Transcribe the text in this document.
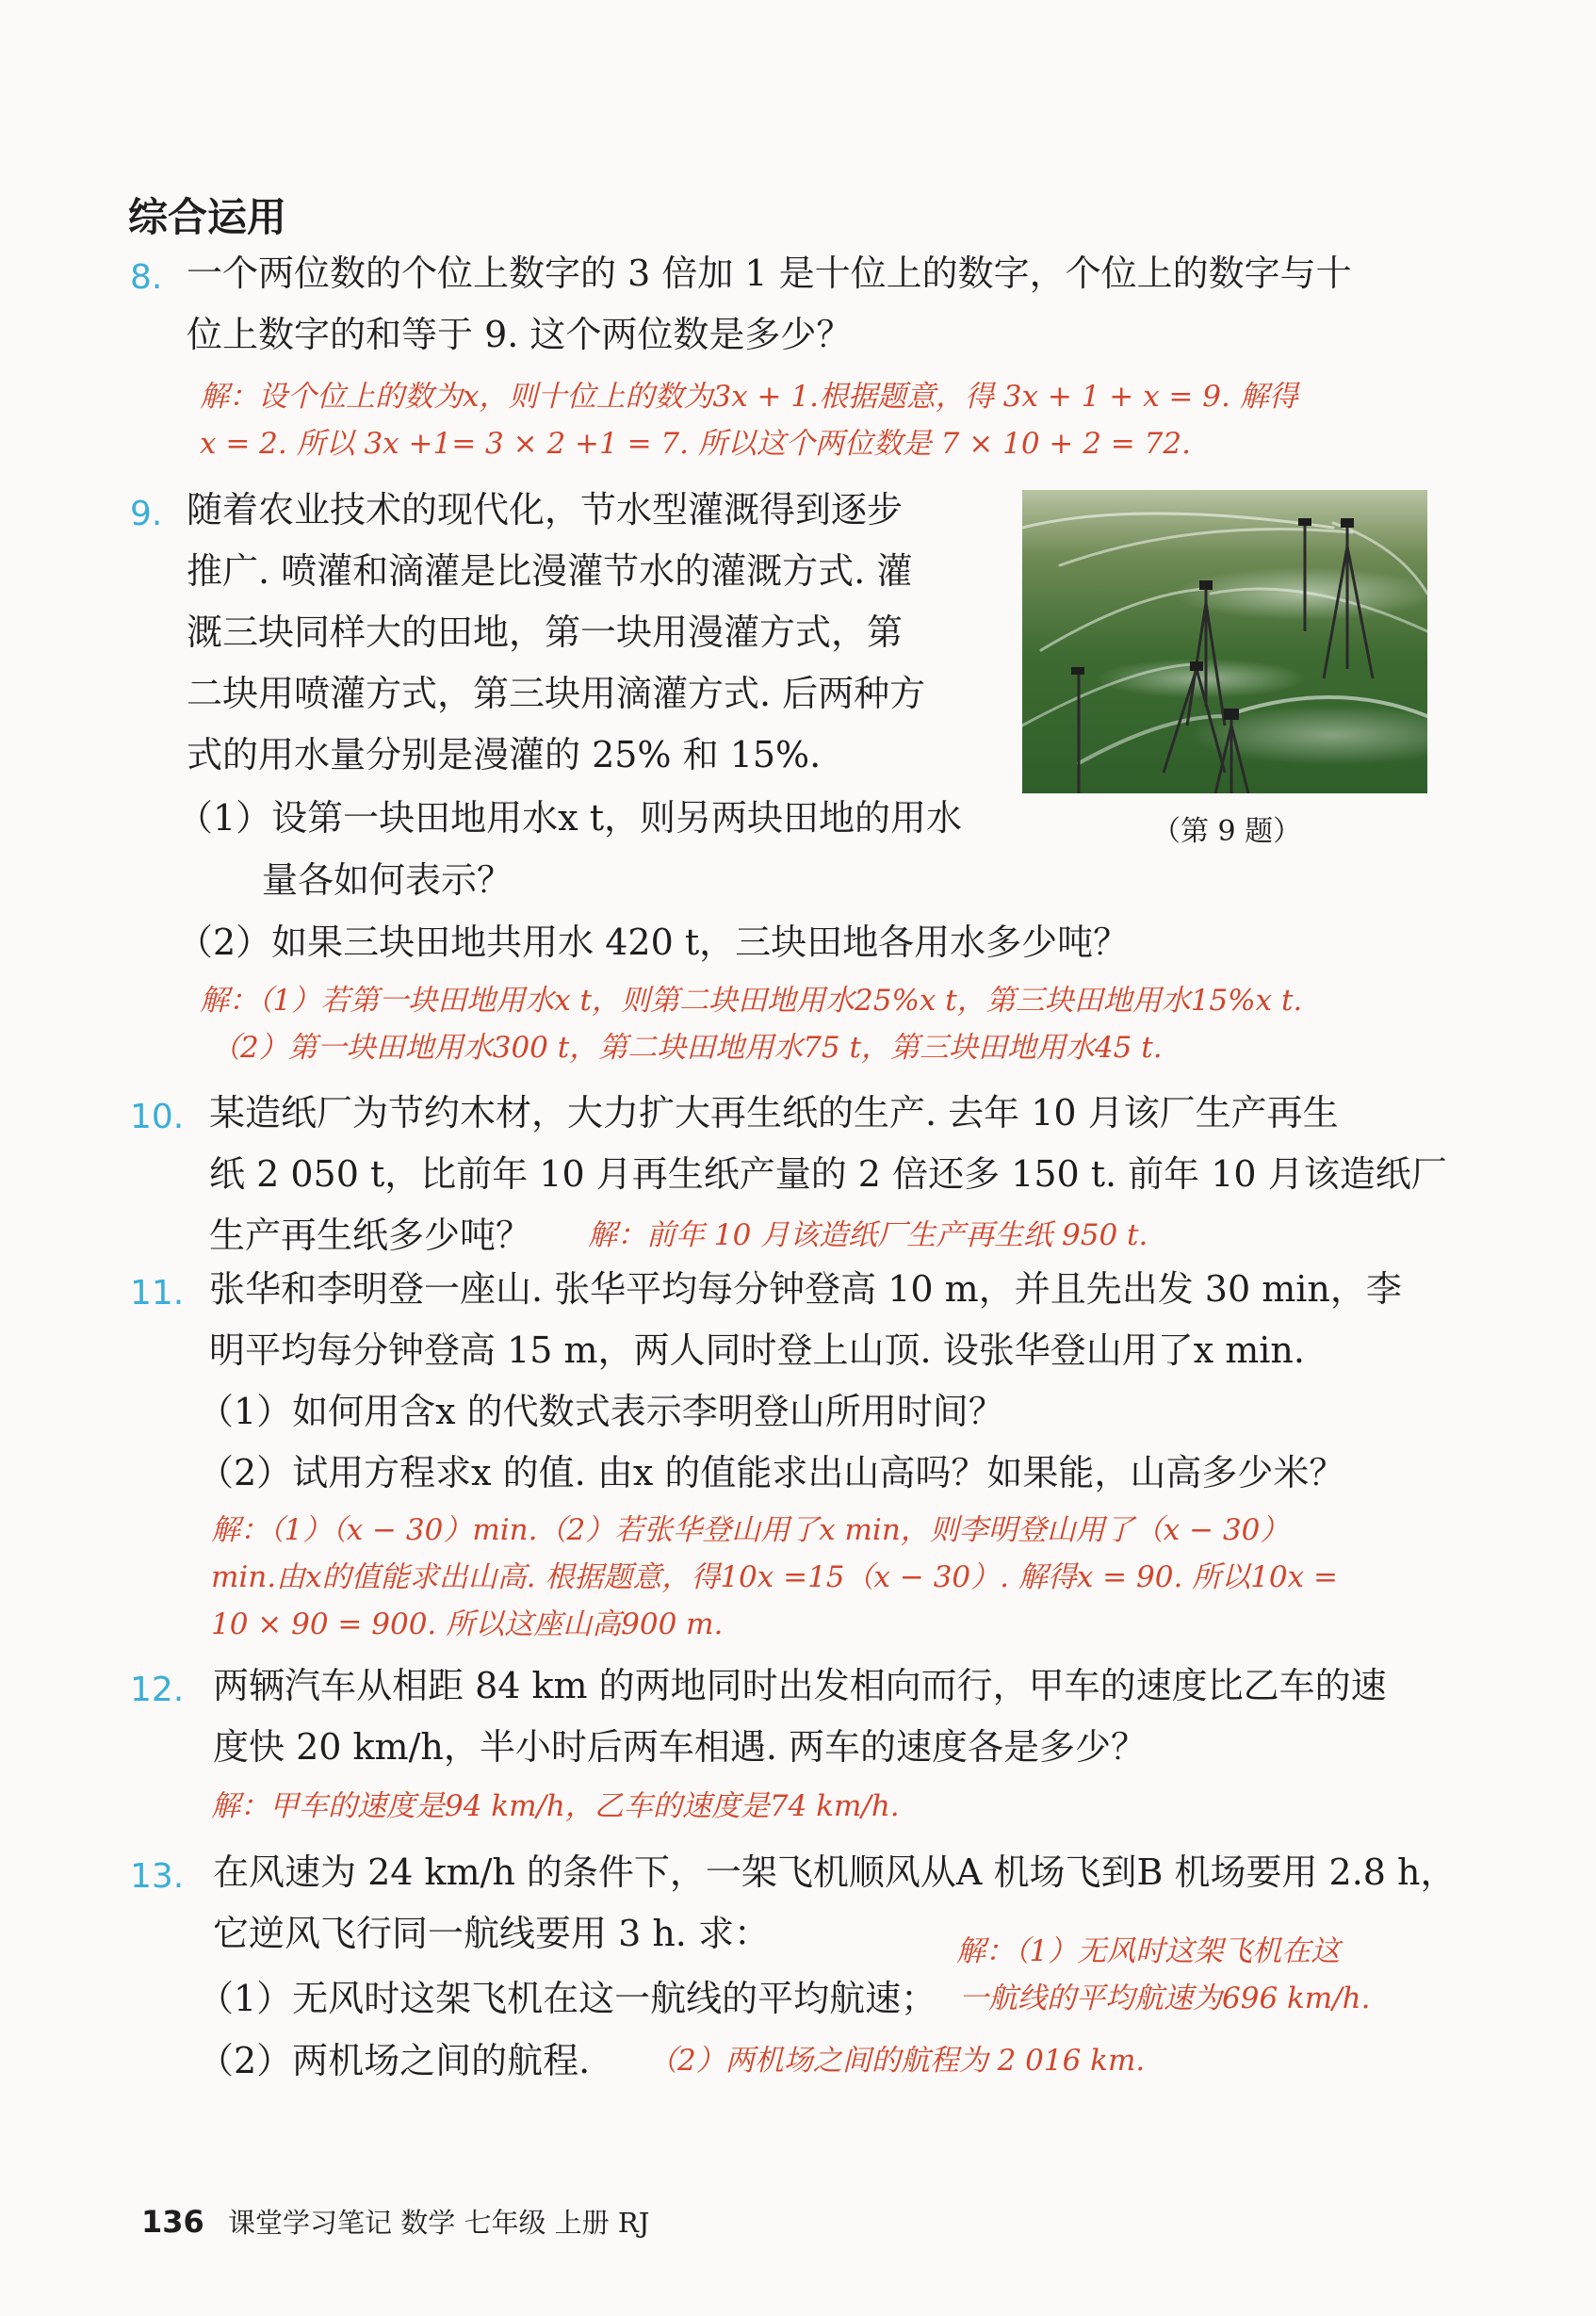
综合运用
8. 一个两位数的个位上数字的 3 倍加 1 是十位上的数字，个位上的数字与十
位上数字的和等于 9. 这个两位数是多少？
解：设个位上的数为x，则十位上的数为3x + 1.根据题意，得 3x + 1 + x = 9. 解得
x = 2. 所以 3x +1= 3 × 2 +1 = 7. 所以这个两位数是 7 × 10 + 2 = 72.
9. 随着农业技术的现代化，节水型灌溉得到逐步
推广. 喷灌和滴灌是比漫灌节水的灌溉方式. 灌
溉三块同样大的田地，第一块用漫灌方式，第
二块用喷灌方式，第三块用滴灌方式. 后两种方
式的用水量分别是漫灌的 25% 和 15%.
（1）设第一块田地用水x t，则另两块田地的用水
量各如何表示？
（2）如果三块田地共用水 420 t，三块田地各用水多少吨？
（第 9 题）
解：（1）若第一块田地用水x t，则第二块田地用水25%x t，第三块田地用水15%x t.
（2）第一块田地用水300 t，第二块田地用水75 t，第三块田地用水45 t.
10. 某造纸厂为节约木材，大力扩大再生纸的生产. 去年 10 月该厂生产再生
纸 2 050 t，比前年 10 月再生纸产量的 2 倍还多 150 t. 前年 10 月该造纸厂
生产再生纸多少吨？ 解：前年 10 月该造纸厂生产再生纸 950 t.
11. 张华和李明登一座山. 张华平均每分钟登高 10 m，并且先出发 30 min，李
明平均每分钟登高 15 m，两人同时登上山顶. 设张华登山用了x min.
（1）如何用含x 的代数式表示李明登山所用时间？
（2）试用方程求x 的值. 由x 的值能求出山高吗？如果能，山高多少米？
解：（1）（x − 30）min.（2）若张华登山用了x min，则李明登山用了（x − 30）
min.由x的值能求出山高. 根据题意，得10x =15（x − 30）. 解得x = 90. 所以10x =
10 × 90 = 900. 所以这座山高900 m.
12. 两辆汽车从相距 84 km 的两地同时出发相向而行，甲车的速度比乙车的速
度快 20 km/h，半小时后两车相遇. 两车的速度各是多少？
解：甲车的速度是94 km/h，乙车的速度是74 km/h.
13. 在风速为 24 km/h 的条件下，一架飞机顺风从A 机场飞到B 机场要用 2.8 h，
它逆风飞行同一航线要用 3 h. 求：
（1）无风时这架飞机在这一航线的平均航速；
（2）两机场之间的航程.
解：（1）无风时这架飞机在这
一航线的平均航速为696 km/h.
（2）两机场之间的航程为 2 016 km.
136 课堂学习笔记 数学 七年级 上册 RJ
